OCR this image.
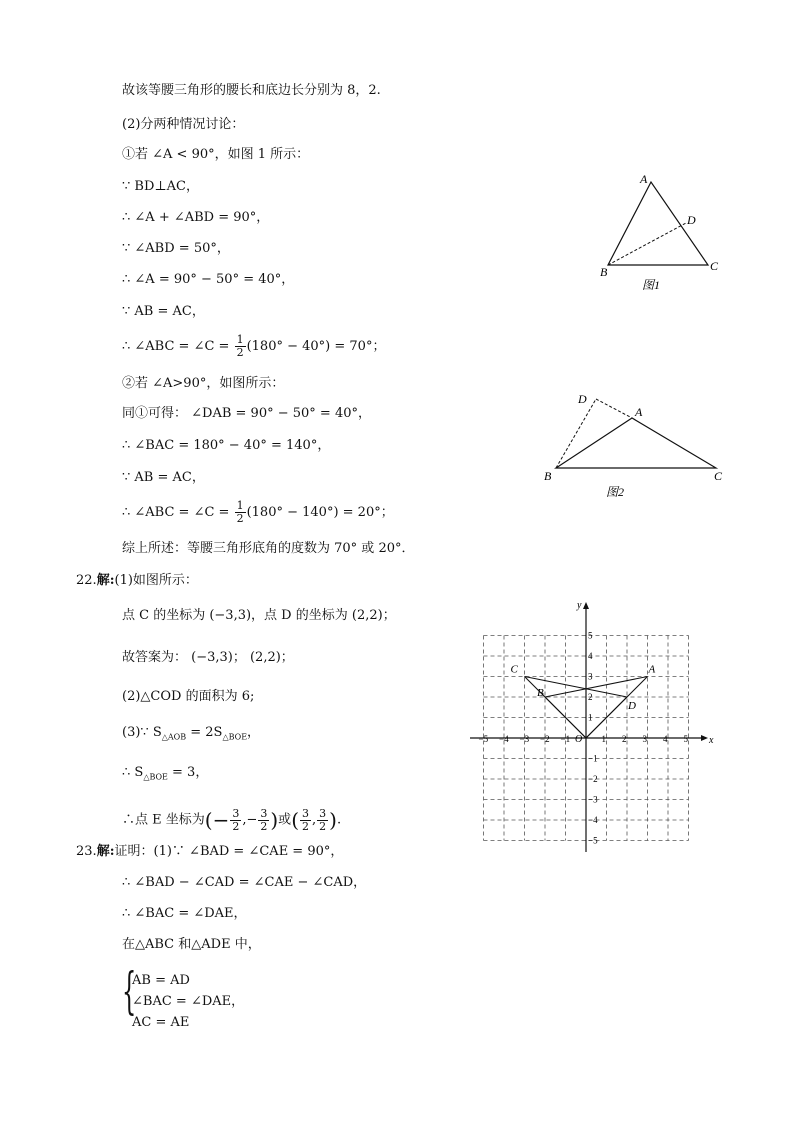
故该等腰三角形的腰长和底边长分别为 8，2.
(2)分两种情况讨论：
①若 ∠A < 90°，如图 1 所示：
∵ BD⊥AC，
∴ ∠A + ∠ABD = 90°，
∵ ∠ABD = 50°，
∴ ∠A = 90° − 50° = 40°，
∵ AB = AC，
∴ ∠ABC = ∠C = $\frac{1}{2} (180^\circ - 40^\circ) = 70^\circ$；
②若 ∠A>90°，如图所示：
同①可得： ∠DAB = 90° − 50° = 40°，
∴ ∠BAC = 180° − 40° = 140°，
∵ AB = AC，
∴ ∠ABC = ∠C = $\frac{1}{2} (180^\circ - 140^\circ) = 20^\circ$；
综上所述：等腰三角形底角的度数为 70° 或 20°．
22.解:(1)如图所示：
点 C 的坐标为 (−3,3)，点 D 的坐标为 (2,2)；
故答案为： (−3,3)； (2,2)；
(2)△COD 的面积为 6;
(3)∵ $S_{\triangle AOB} = 2S_{\triangle BOE}$，
∴ $S_{\triangle BOE} = 3$，
∴点 E 坐标为(− $\frac{3}{2}$ ,− $\frac{3}{2}$ )或( $\frac{3}{2}$ , $\frac{3}{2}$ ).
23.解:证明：(1)∵ ∠BAD = ∠CAE = 90°，
∴ ∠BAD − ∠CAD = ∠CAE − ∠CAD，
∴ ∠BAC = ∠DAE，
在△ABC 和△ADE 中，
{
AB = AD
∠BAC = ∠DAE，
AC = AE
A
B	C
D
图1
A
B	C
D
图2
−5 −4 −3 −2 −1	1 2 3 4 5
5
4
3
2
1
−1
−2
−3
−4
−5
O	x
y
C	A
B
D
